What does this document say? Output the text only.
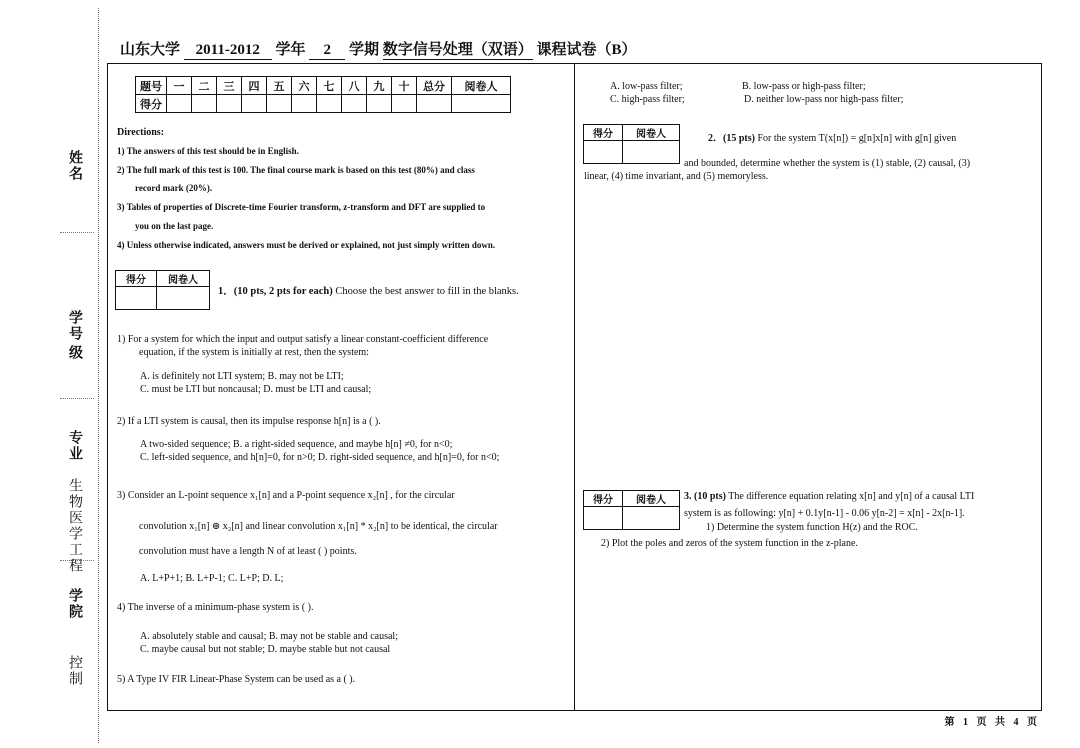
姓名
学号
级
专业
生物医学工程
学院
控制
山东大学 2011-2012 学年 2 学期 数字信号处理（双语） 课程试卷（B）
题号	一	二	三	四	五	六	七	八	九	十	总分	阅卷人
得分												
Directions:
1) The answers of this test should be in English.
2) The full mark of this test is 100. The final course mark is based on this test (80%) and class
record mark (20%).
3) Tables of properties of Discrete-time Fourier transform, z-transform and DFT are supplied to
you on the last page.
4) Unless otherwise indicated, answers must be derived or explained, not just simply written down.
得分	阅卷人

1．(10 pts, 2 pts for each) Choose the best answer to fill in the blanks.
1) For a system for which the input and output satisfy a linear constant-coefficient difference
equation, if the system is initially at rest, then the system:
A. is definitely not LTI system; B. may not be LTI;
C. must be LTI but noncausal; D. must be LTI and causal;
2) If a LTI system is causal, then its impulse response h[n] is a ( ).
A two-sided sequence; B. a right-sided sequence, and maybe h[n] ≠0, for n<0;
C. left-sided sequence, and h[n]=0, for n>0; D. right-sided sequence, and h[n]=0, for n<0;
3) Consider an L-point sequence x₁[n] and a P-point sequence x₂[n] , for the circular
convolution x₁[n] ⊛ x₂[n] and linear convolution x₁[n] * x₂[n] to be identical, the circular
convolution must have a length N of at least ( ) points.
A. L+P+1; B. L+P-1; C. L+P; D. L;
4) The inverse of a minimum-phase system is ( ).
A. absolutely stable and causal; B. may not be stable and causal;
C. maybe causal but not stable; D. maybe stable but not causal
5) A Type IV FIR Linear-Phase System can be used as a ( ).
A. low-pass filter;	B. low-pass or high-pass filter;
C. high-pass filter;	D. neither low-pass nor high-pass filter;
得分	阅卷人
		2．(15 pts) For the system T(x[n]) = g[n]x[n] with g[n] given
and bounded, determine whether the system is (1) stable, (2) causal, (3)
linear, (4) time invariant, and (5) memoryless.
得分	阅卷人
	3. (10 pts) The difference equation relating x[n] and y[n] of a causal LTI
system is as following: y[n] + 0.1y[n-1] - 0.06 y[n-2] = x[n] - 2x[n-1].
1) Determine the system function H(z) and the ROC.
2) Plot the poles and zeros of the system function in the z-plane.
第 1 页 共 4 页
